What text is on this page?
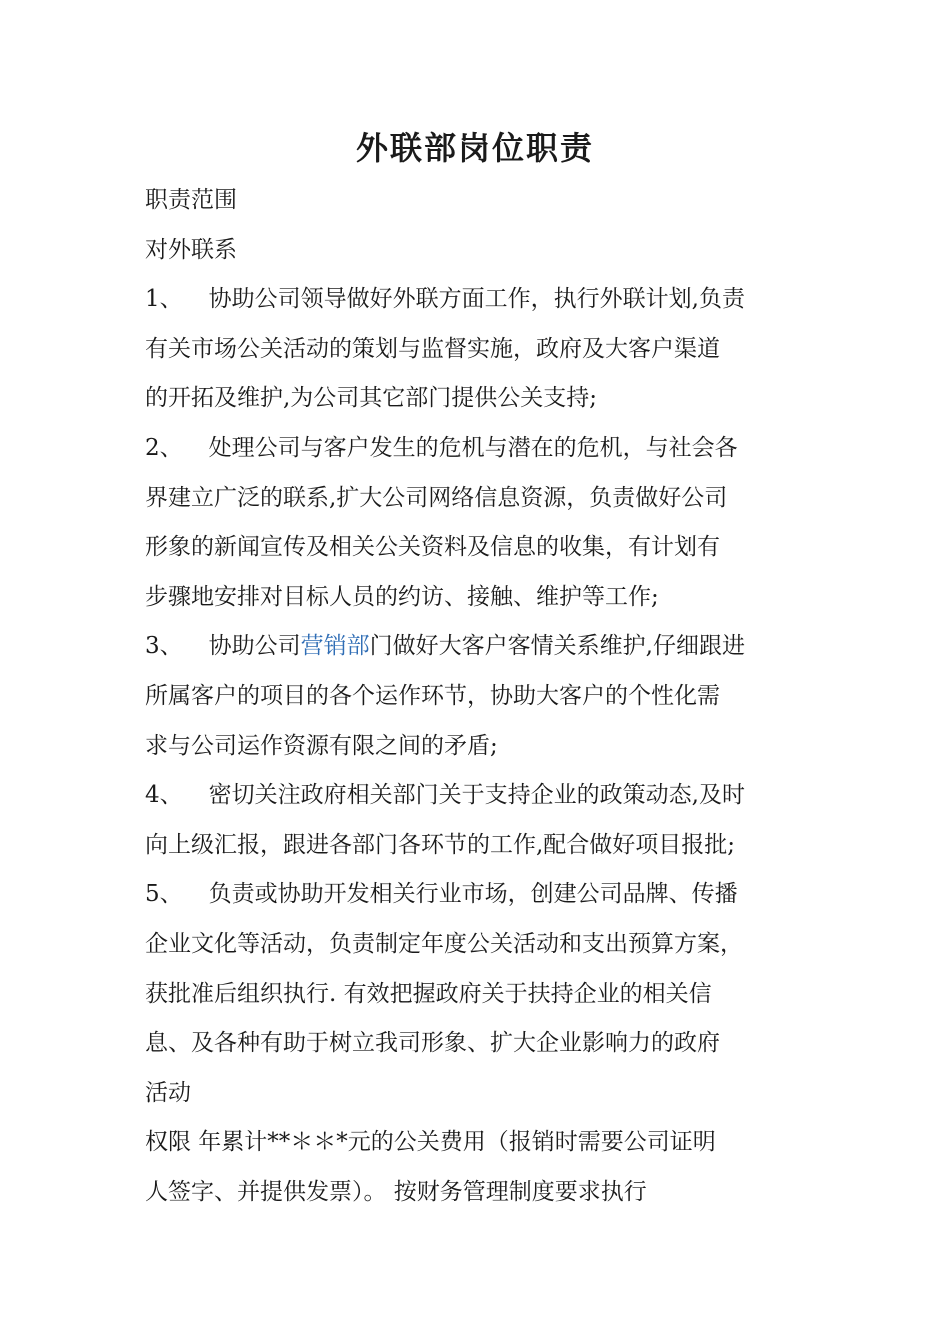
外联部岗位职责
职责范围
对外联系
1、 协助公司领导做好外联方面工作，执行外联计划,负责
有关市场公关活动的策划与监督实施，政府及大客户渠道
的开拓及维护,为公司其它部门提供公关支持;
2、 处理公司与客户发生的危机与潜在的危机，与社会各
界建立广泛的联系,扩大公司网络信息资源，负责做好公司
形象的新闻宣传及相关公关资料及信息的收集，有计划有
步骤地安排对目标人员的约访、接触、维护等工作;
3、 协助公司营销部门做好大客户客情关系维护,仔细跟进
所属客户的项目的各个运作环节，协助大客户的个性化需
求与公司运作资源有限之间的矛盾;
4、 密切关注政府相关部门关于支持企业的政策动态,及时
向上级汇报，跟进各部门各环节的工作,配合做好项目报批;
5、 负责或协助开发相关行业市场，创建公司品牌、传播
企业文化等活动，负责制定年度公关活动和支出预算方案，
获批准后组织执行. 有效把握政府关于扶持企业的相关信
息、及各种有助于树立我司形象、扩大企业影响力的政府
活动
权限 年累计**＊＊*元的公关费用（报销时需要公司证明
人签字、并提供发票）。 按财务管理制度要求执行
